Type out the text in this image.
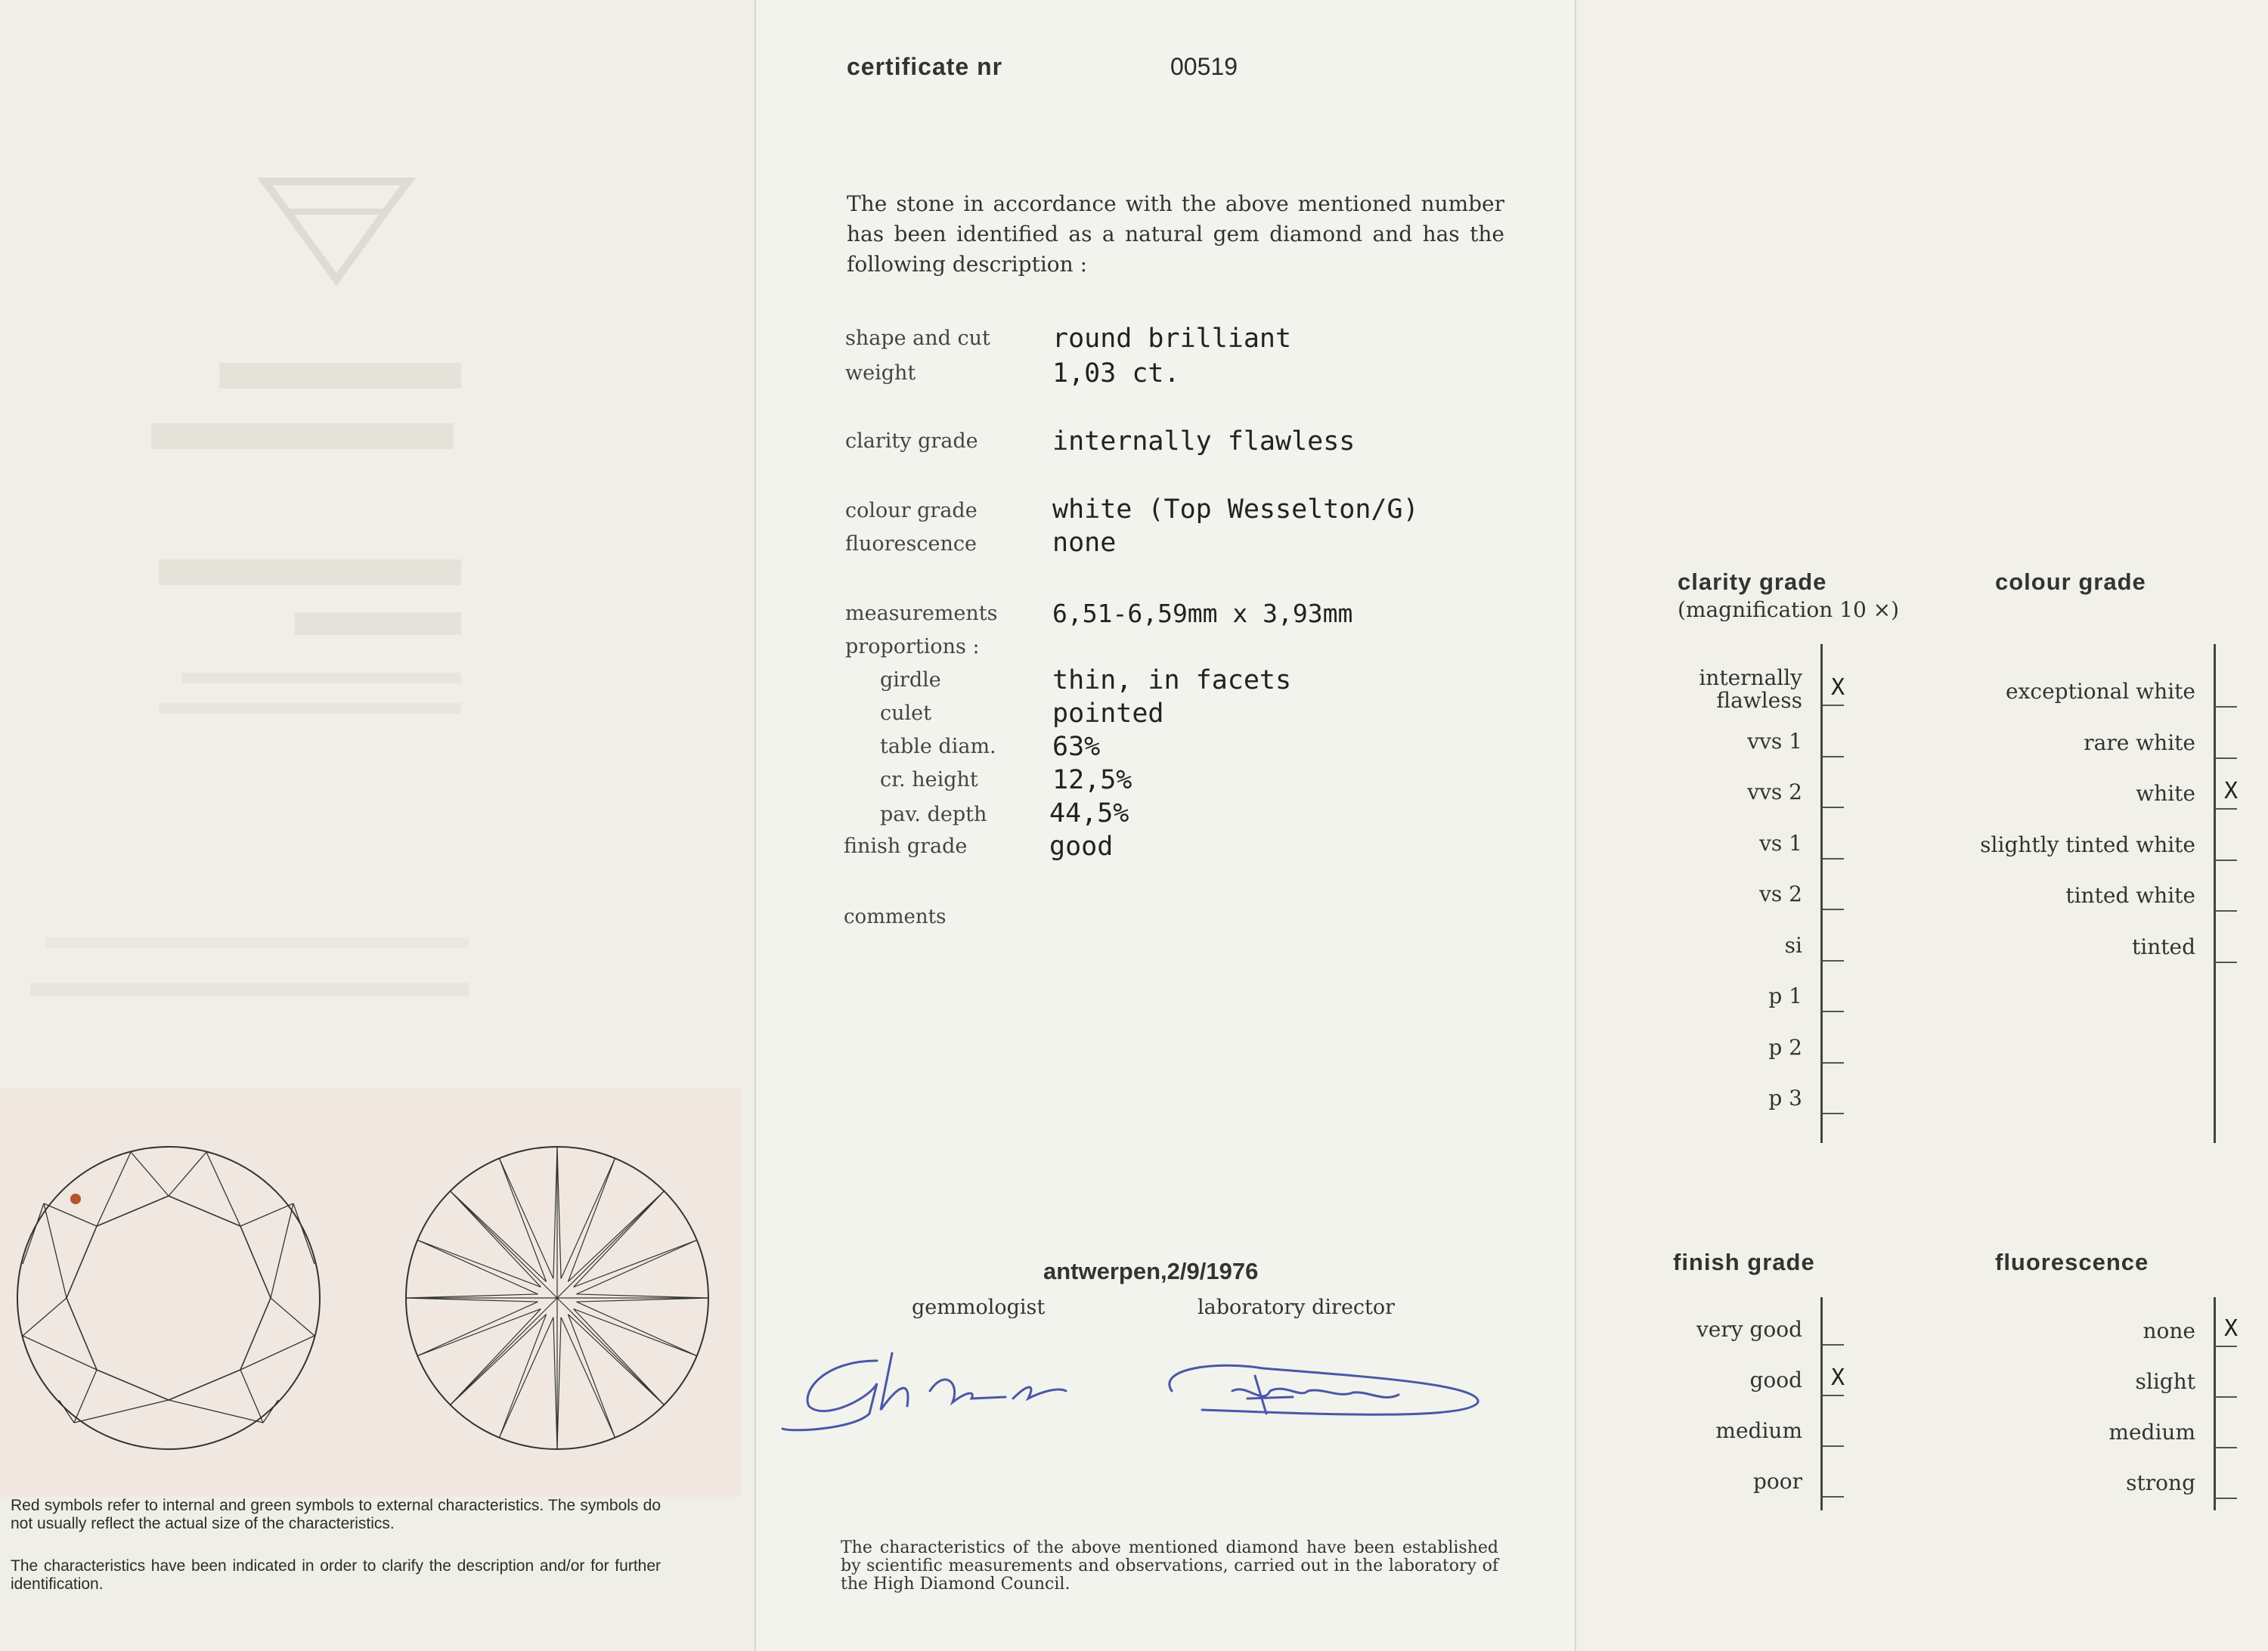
Red symbols refer to internal and green symbols to external characteristics. The symbols do not usually reflect the actual size of the characteristics.
The characteristics have been indicated in order to clarify the description and/or for further identification.
certificate nr	00519
The stone in accordance with the above mentioned number has been identified as a natural gem diamond and has the following description :
shape and cut round brilliant
weight	1,03 ct.
clarity grade	internally flawless
colour grade	white (Top Wesselton/G)
fluorescence	none
measurements 6,51-6,59mm x 3,93mm
proportions :
girdle	thin, in facets
culet	pointed
table diam. 63%
cr. height	12,5%
pav. depth 44,5%
finish grade	good
comments
antwerpen,2/9/1976
gemmologist	laboratory director
The characteristics of the above mentioned diamond have been established by scientific measurements and observations, carried out in the laboratory of the High Diamond Council.
clarity grade
(magnification 10 ×)
colour grade
finish grade	fluorescence
internally flawless X
vvs 1
vvs 2
vs 1
vs 2
si
p 1
p 2
p 3
exceptional white
rare white
white X
slightly tinted white
tinted white
tinted
very good
good X
medium
poor
none X
slight
medium
strong
